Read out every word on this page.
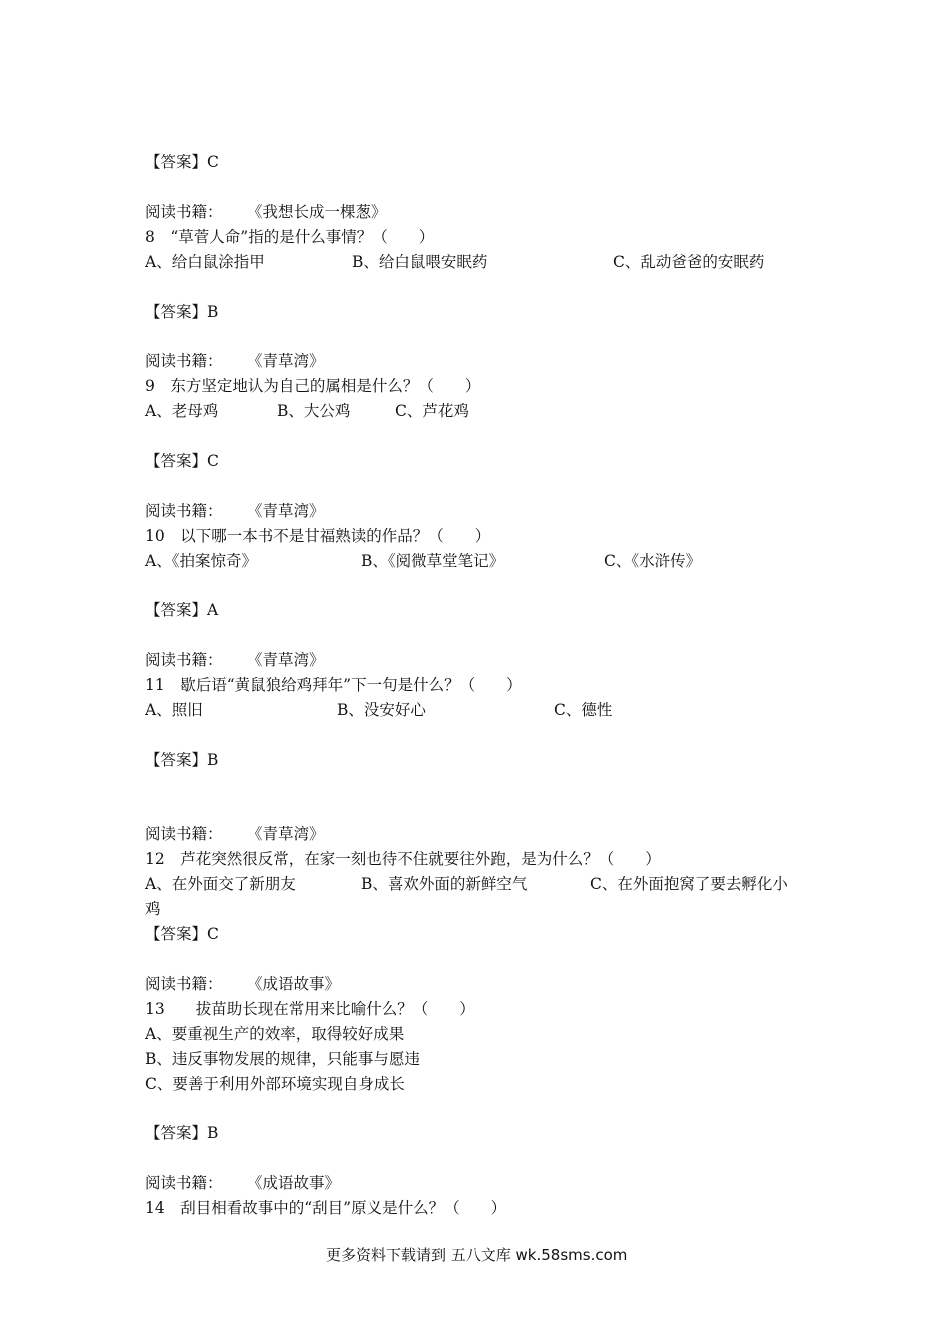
【答案】C
阅读书籍： 《我想长成一棵葱》
8　“草菅人命”指的是什么事情？（　　）
A、给白鼠涂指甲	B、给白鼠喂安眠药	C、乱动爸爸的安眠药
【答案】B
阅读书籍： 《青草湾》
9　东方坚定地认为自己的属相是什么？（　　）
A、老母鸡	B、大公鸡	C、芦花鸡
【答案】C
阅读书籍： 《青草湾》
10　以下哪一本书不是甘福熟读的作品？（　　）
A、《拍案惊奇》	B、《阅微草堂笔记》	C、《水浒传》
【答案】A
阅读书籍： 《青草湾》
11　歇后语“黄鼠狼给鸡拜年”下一句是什么？（　　）
A、照旧	B、没安好心	C、德性
【答案】B
阅读书籍： 《青草湾》
12　芦花突然很反常，在家一刻也待不住就要往外跑，是为什么？（　　）
A、在外面交了新朋友	B、喜欢外面的新鲜空气	C、在外面抱窝了要去孵化小
鸡
【答案】C
阅读书籍： 《成语故事》
13　　拔苗助长现在常用来比喻什么？（　　）
A、要重视生产的效率，取得较好成果
B、违反事物发展的规律，只能事与愿违
C、要善于利用外部环境实现自身成长
【答案】B
阅读书籍： 《成语故事》
14　刮目相看故事中的“刮目”原义是什么？（　　）
更多资料下载请到 五八文库 wk.58sms.com
